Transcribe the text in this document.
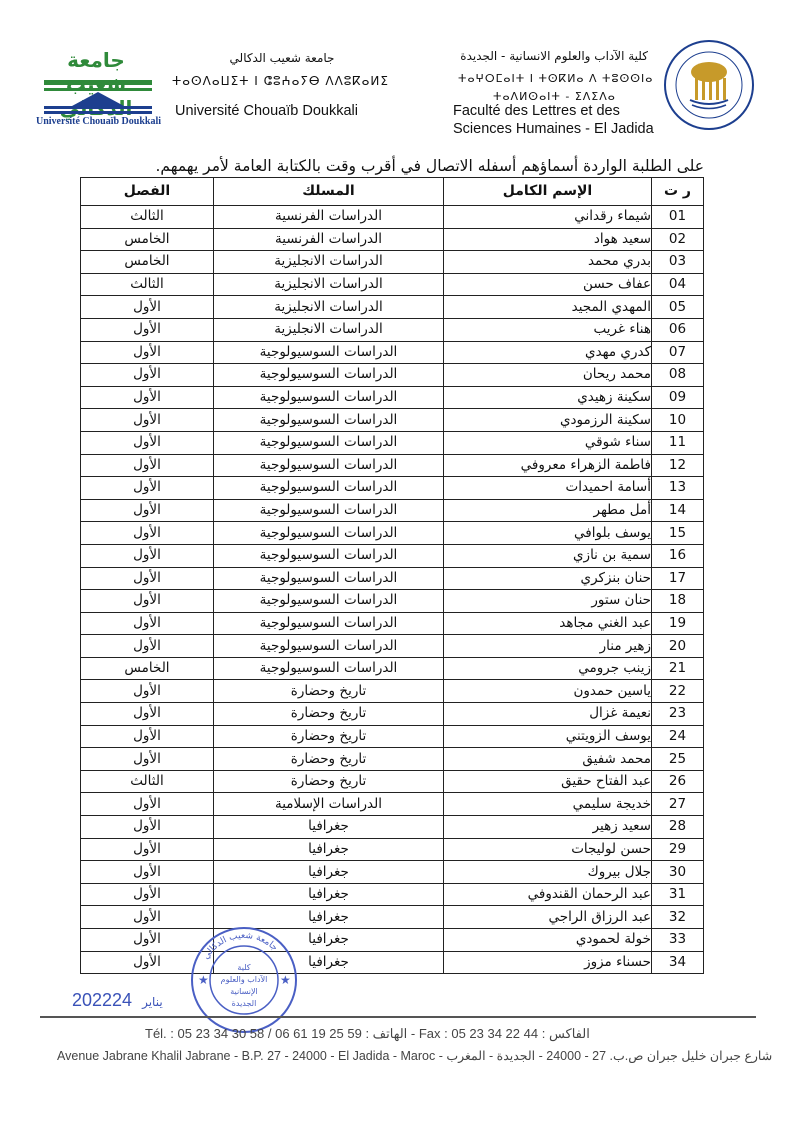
جامعة
Université Chouaïb Doukkali
جامعة شعيب الدكالي
ⵜⴰⵙⴷⴰⵡⵉⵜ ⵏ ⵛⵓⵄⴰⵢⴱ ⴷⴷⵓⴽⴰⵍⵉ
Université Chouaïb Doukkali
كلية الآداب والعلوم الانسانية - الجديدة
ⵜⴰⵖⵔⵎⴰⵏⵜ ⵏ ⵜⵙⴽⵍⴰ ⴷ ⵜⵓⵙⵙⵏⴰ
ⵜⴰⴷⵍⵙⴰⵏⵜ - ⵉⴷⵉⴷⴰ
Faculté des Lettres et des
Sciences Humaines - El Jadida
على الطلبة الواردة أسماؤهم أسفله الاتصال في أقرب وقت بالكتابة العامة لأمر يهمهم.
ر ت	الإسم الكامل	المسلك	الفصل
01	شيماء رقداني	الدراسات الفرنسية	الثالث
02	سعيد هواد	الدراسات الفرنسية	الخامس
03	بدري محمد	الدراسات الانجليزية	الخامس
04	عفاف حسن	الدراسات الانجليزية	الثالث
05	المهدي المجيد	الدراسات الانجليزية	الأول
06	هناء غريب	الدراسات الانجليزية	الأول
07	كدري مهدي	الدراسات السوسيولوجية	الأول
08	محمد ريحان	الدراسات السوسيولوجية	الأول
09	سكينة زهيدي	الدراسات السوسيولوجية	الأول
10	سكينة الرزمودي	الدراسات السوسيولوجية	الأول
11	سناء شوقي	الدراسات السوسيولوجية	الأول
12	فاطمة الزهراء معروفي	الدراسات السوسيولوجية	الأول
13	أسامة احميدات	الدراسات السوسيولوجية	الأول
14	أمل مطهر	الدراسات السوسيولوجية	الأول
15	يوسف بلوافي	الدراسات السوسيولوجية	الأول
16	سمية بن نازي	الدراسات السوسيولوجية	الأول
17	حنان بنزكري	الدراسات السوسيولوجية	الأول
18	حنان ستور	الدراسات السوسيولوجية	الأول
19	عبد الغني مجاهد	الدراسات السوسيولوجية	الأول
20	زهير منار	الدراسات السوسيولوجية	الأول
21	زينب جرومي	الدراسات السوسيولوجية	الخامس
22	ياسين حمدون	تاريخ وحضارة	الأول
23	نعيمة غزال	تاريخ وحضارة	الأول
24	يوسف الزويتني	تاريخ وحضارة	الأول
25	محمد شفيق	تاريخ وحضارة	الأول
26	عبد الفتاح حقيق	تاريخ وحضارة	الثالث
27	خديجة سليمي	الدراسات الإسلامية	الأول
28	سعيد زهير	جغرافيا	الأول
29	حسن لوليجات	جغرافيا	الأول
30	جلال بيروك	جغرافيا	الأول
31	عبد الرحمان القندوفي	جغرافيا	الأول
32	عبد الرزاق الراجي	جغرافيا	الأول
33	خولة لحمودي	جغرافيا	الأول
34	حسناء مزوز	جغرافيا	الأول	جامعة شعيب الدكالي
كلية
الآداب والعلوم
الإنسانية
الجديدة
★	★
2022	يناير24
Tél. : 05 23 34 30 58 / 06 61 19 25 59 : الهاتف - Fax : 05 23 34 22 44 : الفاكس
Avenue Jabrane Khalil Jabrane - B.P. 27 - 24000 - El Jadida - Maroc - شارع جبران خليل جبران ص.ب. 27 - 24000 - الجديدة - المغرب
